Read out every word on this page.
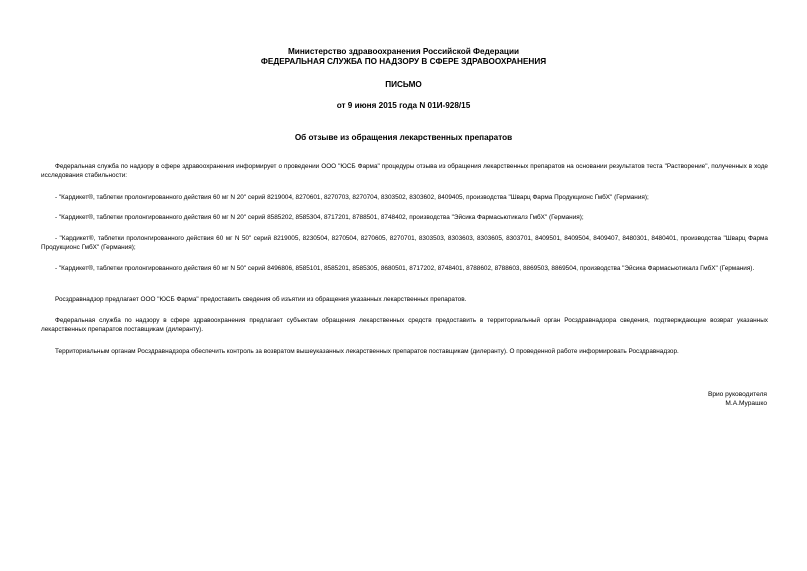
Министерство здравоохранения Российской Федерации
ФЕДЕРАЛЬНАЯ СЛУЖБА ПО НАДЗОРУ В СФЕРЕ ЗДРАВООХРАНЕНИЯ
ПИСЬМО
от 9 июня 2015 года N 01И-928/15
Об отзыве из обращения лекарственных препаратов
Федеральная служба по надзору в сфере здравоохранения информирует о проведении ООО "ЮСБ Фарма" процедуры отзыва из обращения лекарственных препаратов на основании результатов теста "Растворение", полученных в ходе исследования стабильности:
- "Кардикет®, таблетки пролонгированного действия 60 мг N 20" серий 8219004, 8270601, 8270703, 8270704, 8303502, 8303602, 8409405, производства "Шварц Фарма Продукционс ГмбХ" (Германия);
- "Кардикет®, таблетки пролонгированного действия 60 мг N 20" серий 8585202, 8585304, 8717201, 8788501, 8748402, производства "Эйсика Фармасьютикалз ГмбХ" (Германия);
- "Кардикет®, таблетки пролонгированного действия 60 мг N 50" серий 8219005, 8230504, 8270504, 8270605, 8270701, 8303503, 8303603, 8303605, 8303701, 8409501, 8409504, 8409407, 8480301, 8480401, производства "Шварц Фарма Продукционс ГмбХ" (Германия);
- "Кардикет®, таблетки пролонгированного действия 60 мг N 50" серий 8496806, 8585101, 8585201, 8585305, 8680501, 8717202, 8748401, 8788602, 8788603, 8869503, 8869504, производства "Эйсика Фармасьютикалз ГмбХ" (Германия).
Росздравнадзор предлагает ООО "ЮСБ Фарма" предоставить сведения об изъятии из обращения указанных лекарственных препаратов.
Федеральная служба по надзору в сфере здравоохранения предлагает субъектам обращения лекарственных средств предоставить в территориальный орган Росздравнадзора сведения, подтверждающие возврат указанных лекарственных препаратов поставщикам (дилеранту).
Территориальным органам Росздравнадзора обеспечить контроль за возвратом вышеуказанных лекарственных препаратов поставщикам (дилеранту). О проведенной работе информировать Росздравнадзор.
Врио руководителя
М.А.Мурашко
